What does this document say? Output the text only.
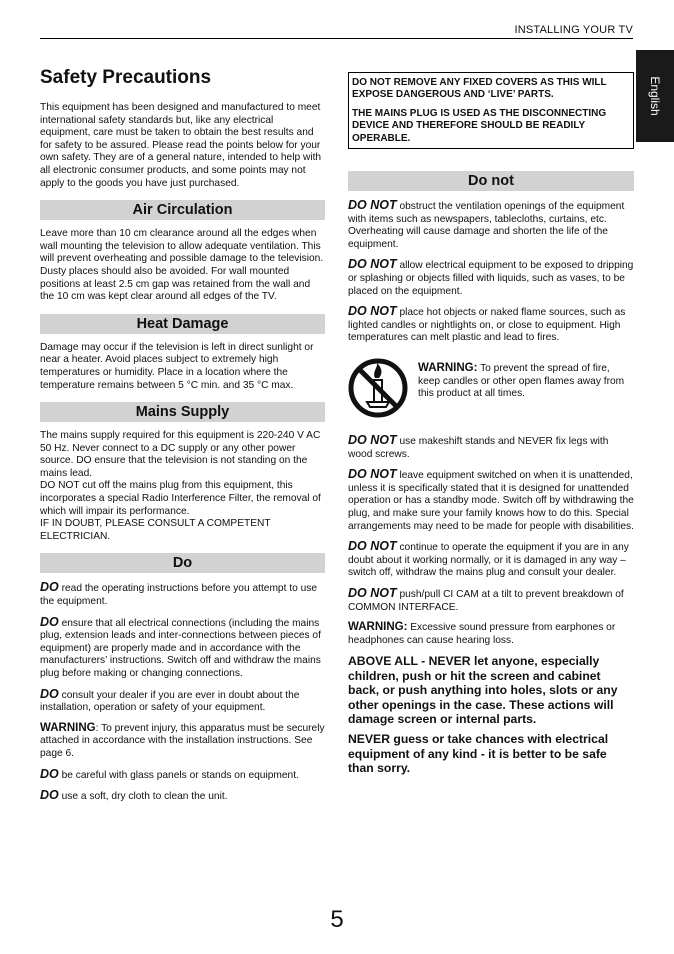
INSTALLING YOUR TV
English
Safety Precautions

This equipment has been designed and manufactured to meet international safety standards but, like any electrical equipment, care must be taken to obtain the best results and for safety to be assured. Please read the points below for your own safety. They are of a general nature, intended to help with all electronic consumer products, and some points may not apply to the goods you have just purchased.

Air Circulation

Leave more than 10 cm clearance around all the edges when wall mounting the television to allow adequate ventilation. This will prevent overheating and possible damage to the television. Dusty places should also be avoided. For wall mounted positions at least 2.5 cm gap was retained from the wall and the 10 cm was kept clear around all edges of the TV.

Heat Damage

Damage may occur if the television is left in direct sunlight or near a heater. Avoid places subject to extremely high temperatures or humidity. Place in a location where the temperature remains between 5 °C min. and 35 °C max.

Mains Supply

The mains supply required for this equipment is 220-240 V AC 50 Hz. Never connect to a DC supply or any other power source. DO ensure that the television is not standing on the mains lead.
DO NOT cut off the mains plug from this equipment, this incorporates a special Radio Interference Filter, the removal of which will impair its performance.
IF IN DOUBT, PLEASE CONSULT A COMPETENT ELECTRICIAN.

Do

DO read the operating instructions before you attempt to use the equipment.

DO ensure that all electrical connections (including the mains plug, extension leads and inter-connections between pieces of equipment) are properly made and in accordance with the manufacturers’ instructions. Switch off and withdraw the mains plug before making or changing connections.

DO consult your dealer if you are ever in doubt about the installation, operation or safety of your equipment.

WARNING: To prevent injury, this apparatus must be securely attached in accordance with the installation instructions. See page 6.

DO be careful with glass panels or stands on equipment.

DO use a soft, dry cloth to clean the unit.

DO NOT REMOVE ANY FIXED COVERS AS THIS WILL EXPOSE DANGEROUS AND ‘LIVE’ PARTS.

THE MAINS PLUG IS USED AS THE DISCONNECTING DEVICE AND THEREFORE SHOULD BE READILY OPERABLE.

Do not

DO NOT obstruct the ventilation openings of the equipment with items such as newspapers, tablecloths, curtains, etc. Overheating will cause damage and shorten the life of the equipment.

DO NOT allow electrical equipment to be exposed to dripping or splashing or objects filled with liquids, such as vases, to be placed on the equipment.

DO NOT place hot objects or naked flame sources, such as lighted candles or nightlights on, or close to equipment. High temperatures can melt plastic and lead to fires.

WARNING: To prevent the spread of fire, keep candles or other open flames away from this product at all times.

DO NOT use makeshift stands and NEVER fix legs with wood screws.

DO NOT leave equipment switched on when it is unattended, unless it is specifically stated that it is designed for unattended operation or has a standby mode. Switch off by withdrawing the plug, and make sure your family knows how to do this. Special arrangements may need to be made for people with disabilities.

DO NOT continue to operate the equipment if you are in any doubt about it working normally, or it is damaged in any way – switch off, withdraw the mains plug and consult your dealer.

DO NOT push/pull CI CAM at a tilt to prevent breakdown of COMMON INTERFACE.

WARNING: Excessive sound pressure from earphones or headphones can cause hearing loss.

ABOVE ALL - NEVER let anyone, especially children, push or hit the screen and cabinet back, or push anything into holes, slots or any other openings in the case. These actions will damage screen or internal parts.

NEVER guess or take chances with electrical equipment of any kind - it is better to be safe than sorry.

5
